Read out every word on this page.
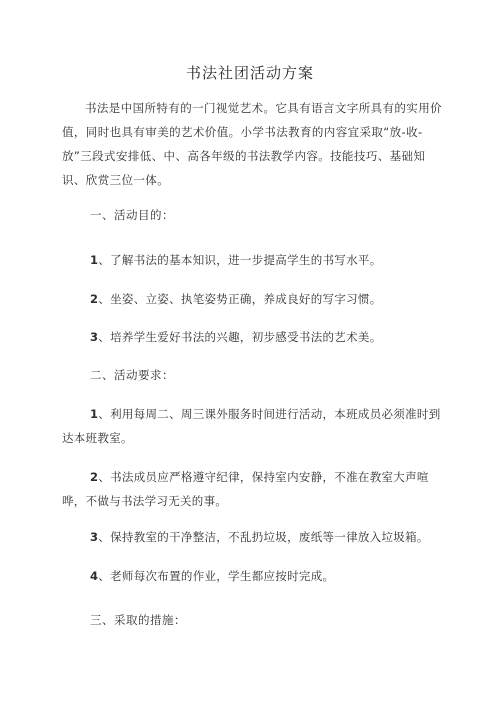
书法社团活动方案

书法是中国所特有的一门视觉艺术。它具有语言文字所具有的实用价值，同时也具有审美的艺术价值。小学书法教育的内容宜采取“放-收-放”三段式安排低、中、高各年级的书法教学内容。技能技巧、基础知识、欣赏三位一体。

一、活动目的：
1、了解书法的基本知识，进一步提高学生的书写水平。
2、坐姿、立姿、执笔姿势正确，养成良好的写字习惯。
3、培养学生爱好书法的兴趣，初步感受书法的艺术美。
二、活动要求：

1、利用每周二、周三课外服务时间进行活动，本班成员必须准时到达本班教室。

2、书法成员应严格遵守纪律，保持室内安静，不准在教室大声喧哗，不做与书法学习无关的事。

3、保持教室的干净整洁，不乱扔垃圾，废纸等一律放入垃圾箱。
4、老师每次布置的作业，学生都应按时完成。
三、采取的措施：
